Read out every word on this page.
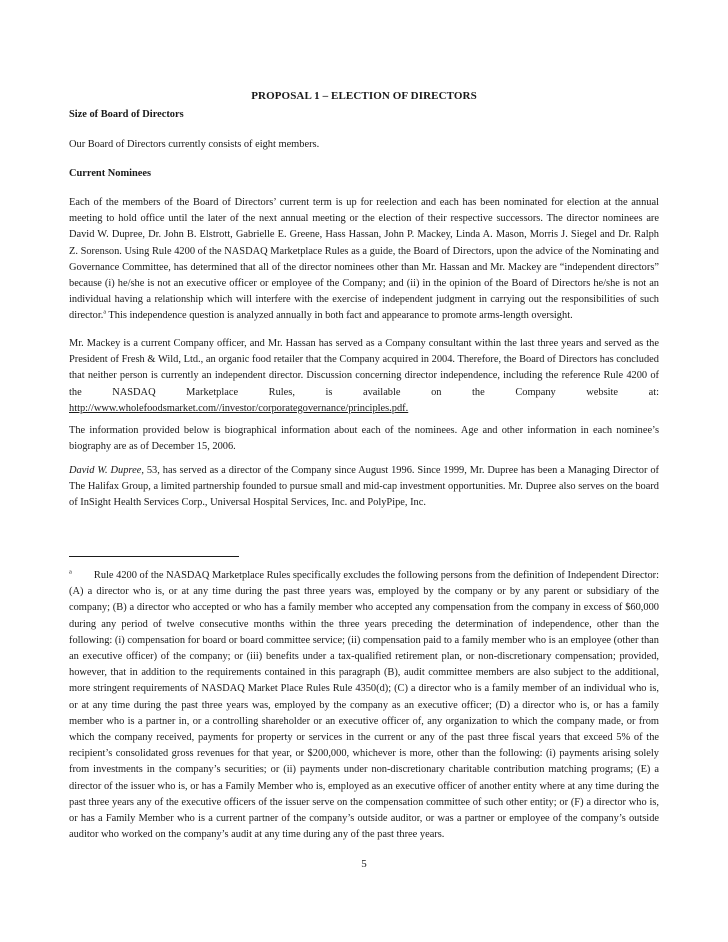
PROPOSAL 1 – ELECTION OF DIRECTORS
Size of Board of Directors
Our Board of Directors currently consists of eight members.
Current Nominees
Each of the members of the Board of Directors’ current term is up for reelection and each has been nominated for election at the annual meeting to hold office until the later of the next annual meeting or the election of their respective successors. The director nominees are David W. Dupree, Dr. John B. Elstrott, Gabrielle E. Greene, Hass Hassan, John P. Mackey, Linda A. Mason, Morris J. Siegel and Dr. Ralph Z. Sorenson. Using Rule 4200 of the NASDAQ Marketplace Rules as a guide, the Board of Directors, upon the advice of the Nominating and Governance Committee, has determined that all of the director nominees other than Mr. Hassan and Mr. Mackey are “independent directors” because (i) he/she is not an executive officer or employee of the Company; and (ii) in the opinion of the Board of Directors he/she is not an individual having a relationship which will interfere with the exercise of independent judgment in carrying out the responsibilities of such director.$^a$ This independence question is analyzed annually in both fact and appearance to promote arms-length oversight.
Mr. Mackey is a current Company officer, and Mr. Hassan has served as a Company consultant within the last three years and served as the President of Fresh & Wild, Ltd., an organic food retailer that the Company acquired in 2004. Therefore, the Board of Directors has concluded that neither person is currently an independent director. Discussion concerning director independence, including the reference Rule 4200 of the NASDAQ Marketplace Rules, is available on the Company website at: http://www.wholefoodsmarket.com//investor/corporategovernance/principles.pdf.
The information provided below is biographical information about each of the nominees. Age and other information in each nominee’s biography are as of December 15, 2006.
David W. Dupree, 53, has served as a director of the Company since August 1996. Since 1999, Mr. Dupree has been a Managing Director of The Halifax Group, a limited partnership founded to pursue small and mid-cap investment opportunities. Mr. Dupree also serves on the board of InSight Health Services Corp., Universal Hospital Services, Inc. and PolyPipe, Inc.
$^a$ Rule 4200 of the NASDAQ Marketplace Rules specifically excludes the following persons from the definition of Independent Director: (A) a director who is, or at any time during the past three years was, employed by the company or by any parent or subsidiary of the company; (B) a director who accepted or who has a family member who accepted any compensation from the company in excess of $60,000 during any period of twelve consecutive months within the three years preceding the determination of independence, other than the following: (i) compensation for board or board committee service; (ii) compensation paid to a family member who is an employee (other than an executive officer) of the company; or (iii) benefits under a tax-qualified retirement plan, or non-discretionary compensation; provided, however, that in addition to the requirements contained in this paragraph (B), audit committee members are also subject to the additional, more stringent requirements of NASDAQ Market Place Rules Rule 4350(d); (C) a director who is a family member of an individual who is, or at any time during the past three years was, employed by the company as an executive officer; (D) a director who is, or has a family member who is a partner in, or a controlling shareholder or an executive officer of, any organization to which the company made, or from which the company received, payments for property or services in the current or any of the past three fiscal years that exceed 5% of the recipient’s consolidated gross revenues for that year, or $200,000, whichever is more, other than the following: (i) payments arising solely from investments in the company’s securities; or (ii) payments under non-discretionary charitable contribution matching programs; (E) a director of the issuer who is, or has a Family Member who is, employed as an executive officer of another entity where at any time during the past three years any of the executive officers of the issuer serve on the compensation committee of such other entity; or (F) a director who is, or has a Family Member who is a current partner of the company’s outside auditor, or was a partner or employee of the company’s outside auditor who worked on the company’s audit at any time during any of the past three years.
5
